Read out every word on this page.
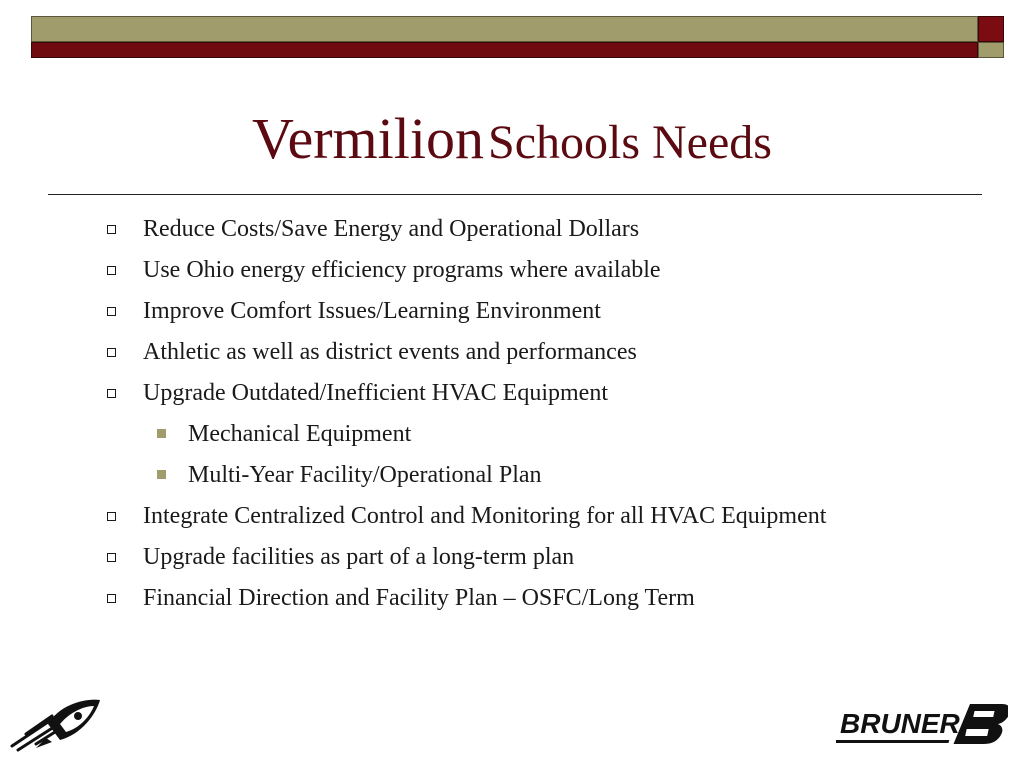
Vermilion Schools Needs
Reduce Costs/Save Energy and Operational Dollars
Use Ohio energy efficiency programs where available
Improve Comfort Issues/Learning Environment
Athletic as well as district events and performances
Upgrade Outdated/Inefficient HVAC Equipment
Mechanical Equipment
Multi-Year Facility/Operational Plan
Integrate Centralized Control and Monitoring for all HVAC Equipment
Upgrade facilities as part of a long-term plan
Financial Direction and Facility Plan – OSFC/Long Term
BRUNER
